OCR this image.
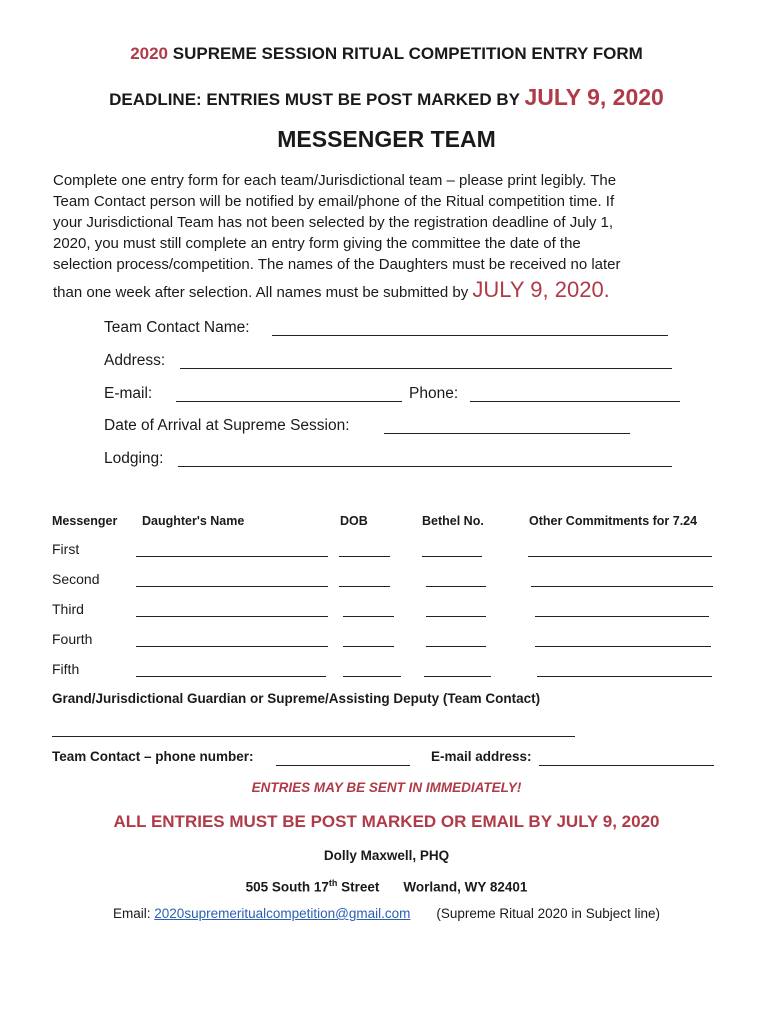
2020 SUPREME SESSION RITUAL COMPETITION ENTRY FORM
DEADLINE: ENTRIES MUST BE POST MARKED BY JULY 9, 2020
MESSENGER TEAM
Complete one entry form for each team/Jurisdictional team – please print legibly. The
Team Contact person will be notified by email/phone of the Ritual competition time. If
your Jurisdictional Team has not been selected by the registration deadline of July 1,
2020, you must still complete an entry form giving the committee the date of the
selection process/competition. The names of the Daughters must be received no later
than one week after selection. All names must be submitted by JULY 9, 2020.
Team Contact Name:
Address:
E-mail:	Phone:
Date of Arrival at Supreme Session:
Lodging:
Messenger Daughter's Name	DOB	Bethel No.	Other Commitments for 7.24
First
Second
Third
Fourth
Fifth
Grand/Jurisdictional Guardian or Supreme/Assisting Deputy (Team Contact)
Team Contact – phone number:	E-mail address:
ENTRIES MAY BE SENT IN IMMEDIATELY!
ALL ENTRIES MUST BE POST MARKED OR EMAIL BY JULY 9, 2020
Dolly Maxwell, PHQ
505 South 17th Street Worland, WY 82401
Email: 2020supremeritualcompetition@gmail.com (Supreme Ritual 2020 in Subject line)
